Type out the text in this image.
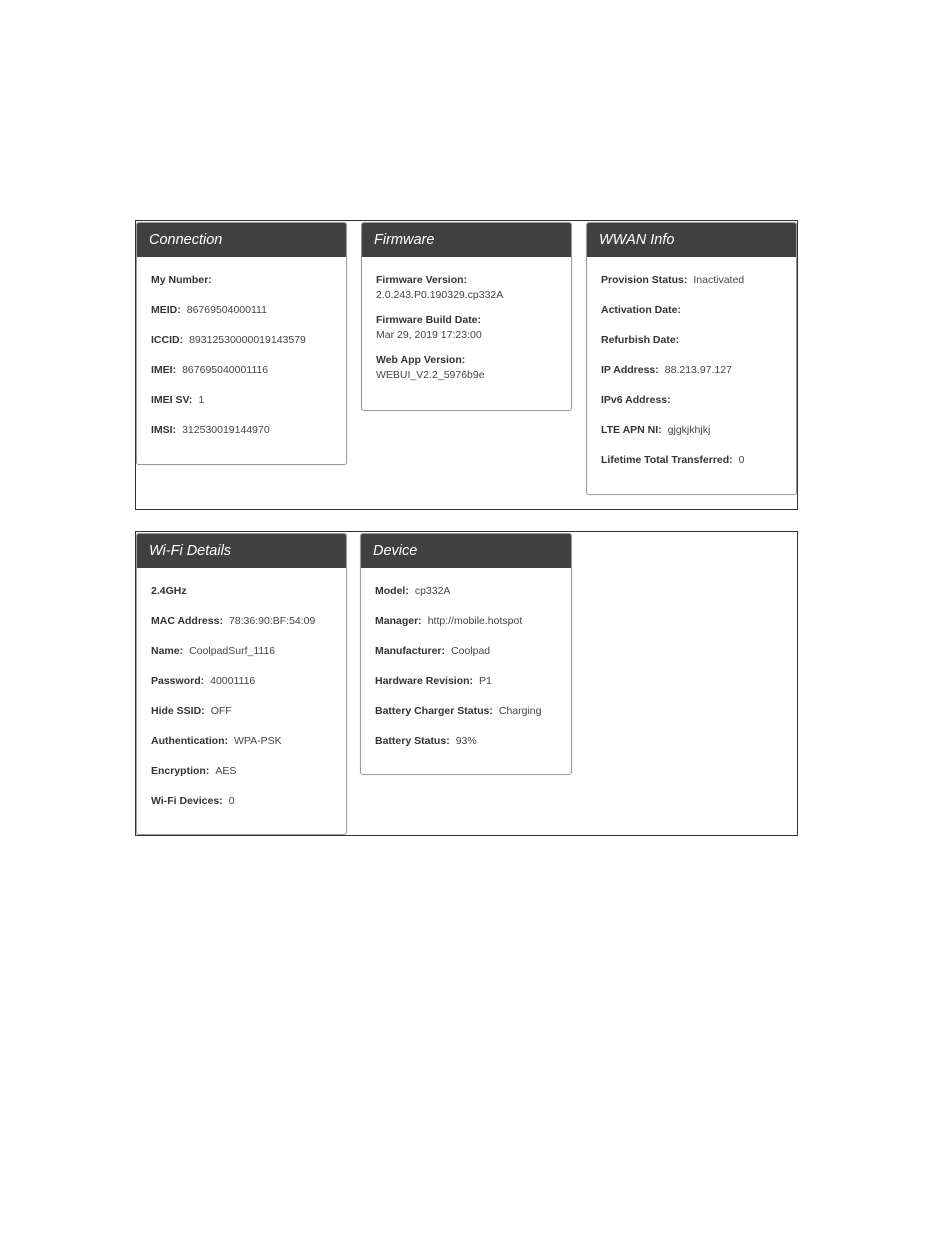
Connection
My Number:
MEID: 86769504000111
ICCID: 89312530000019143579
IMEI: 867695040001116
IMEI SV: 1
IMSI: 312530019144970
Firmware
Firmware Version:
2.0.243.P0.190329.cp332A
Firmware Build Date:
Mar 29, 2019 17:23:00
Web App Version:
WEBUI_V2.2_5976b9e
WWAN Info
Provision Status: Inactivated
Activation Date:
Refurbish Date:
IP Address: 88.213.97.127
IPv6 Address:
LTE APN NI: gjgkjkhjkj
Lifetime Total Transferred: 0
Wi-Fi Details
2.4GHz
MAC Address: 78:36:90:BF:54:09
Name: CoolpadSurf_1116
Password: 40001116
Hide SSID: OFF
Authentication: WPA-PSK
Encryption: AES
Wi-Fi Devices: 0
Device
Model: cp332A
Manager: http://mobile.hotspot
Manufacturer: Coolpad
Hardware Revision: P1
Battery Charger Status: Charging
Battery Status: 93%
